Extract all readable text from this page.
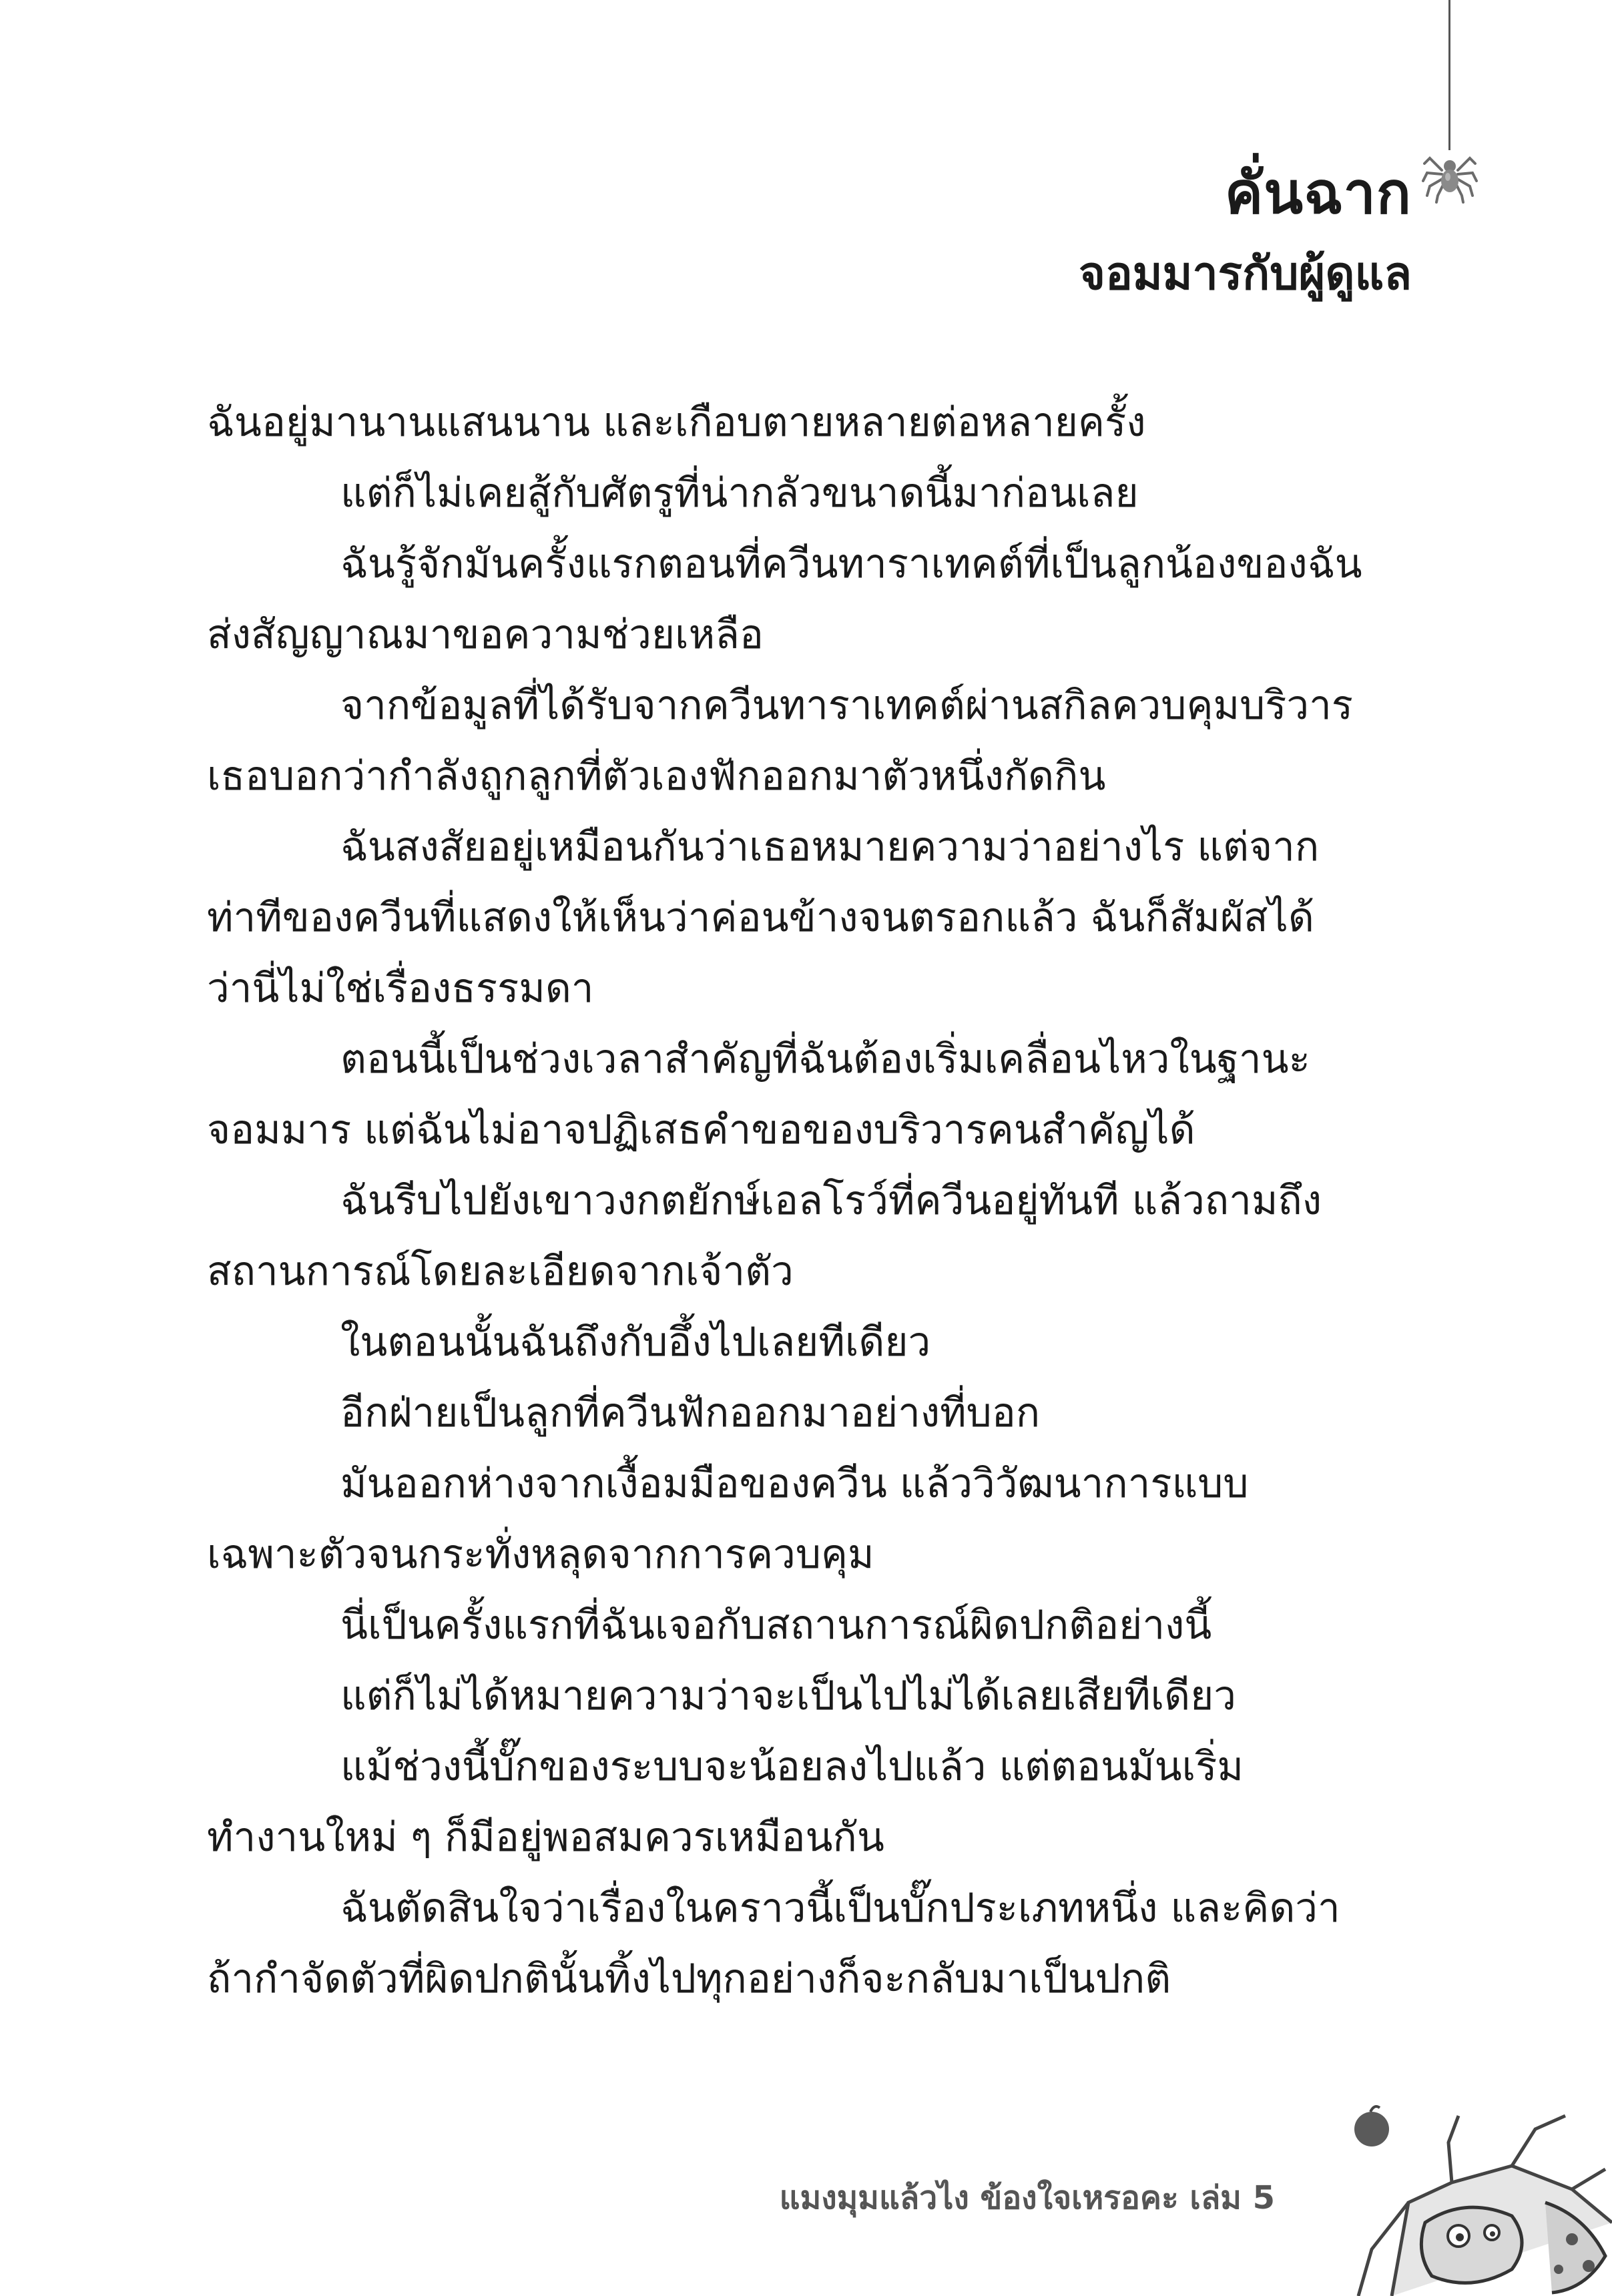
คั่นฉาก
จอมมารกับผู้ดูแล
ฉันอยู่มานานแสนนาน และเกือบตายหลายต่อหลายครั้ง
แต่ก็ไม่เคยสู้กับศัตรูที่น่ากลัวขนาดนี้มาก่อนเลย
ฉันรู้จักมันครั้งแรกตอนที่ควีนทาราเทคต์ที่เป็นลูกน้องของฉัน
ส่งสัญญาณมาขอความช่วยเหลือ
จากข้อมูลที่ได้รับจากควีนทาราเทคต์ผ่านสกิลควบคุมบริวาร
เธอบอกว่ากำลังถูกลูกที่ตัวเองฟักออกมาตัวหนึ่งกัดกิน
ฉันสงสัยอยู่เหมือนกันว่าเธอหมายความว่าอย่างไร แต่จาก
ท่าทีของควีนที่แสดงให้เห็นว่าค่อนข้างจนตรอกแล้ว ฉันก็สัมผัสได้
ว่านี่ไม่ใช่เรื่องธรรมดา
ตอนนี้เป็นช่วงเวลาสำคัญที่ฉันต้องเริ่มเคลื่อนไหวในฐานะ
จอมมาร แต่ฉันไม่อาจปฏิเสธคำขอของบริวารคนสำคัญได้
ฉันรีบไปยังเขาวงกตยักษ์เอลโรว์ที่ควีนอยู่ทันที แล้วถามถึง
สถานการณ์โดยละเอียดจากเจ้าตัว
ในตอนนั้นฉันถึงกับอึ้งไปเลยทีเดียว
อีกฝ่ายเป็นลูกที่ควีนฟักออกมาอย่างที่บอก
มันออกห่างจากเงื้อมมือของควีน แล้ววิวัฒนาการแบบ
เฉพาะตัวจนกระทั่งหลุดจากการควบคุม
นี่เป็นครั้งแรกที่ฉันเจอกับสถานการณ์ผิดปกติอย่างนี้
แต่ก็ไม่ได้หมายความว่าจะเป็นไปไม่ได้เลยเสียทีเดียว
แม้ช่วงนี้บั๊กของระบบจะน้อยลงไปแล้ว แต่ตอนมันเริ่ม
ทำงานใหม่ ๆ ก็มีอยู่พอสมควรเหมือนกัน
ฉันตัดสินใจว่าเรื่องในคราวนี้เป็นบั๊กประเภทหนึ่ง และคิดว่า
ถ้ากำจัดตัวที่ผิดปกตินั้นทิ้งไปทุกอย่างก็จะกลับมาเป็นปกติ
แมงมุมแล้วไง ข้องใจเหรอคะ เล่ม 5
